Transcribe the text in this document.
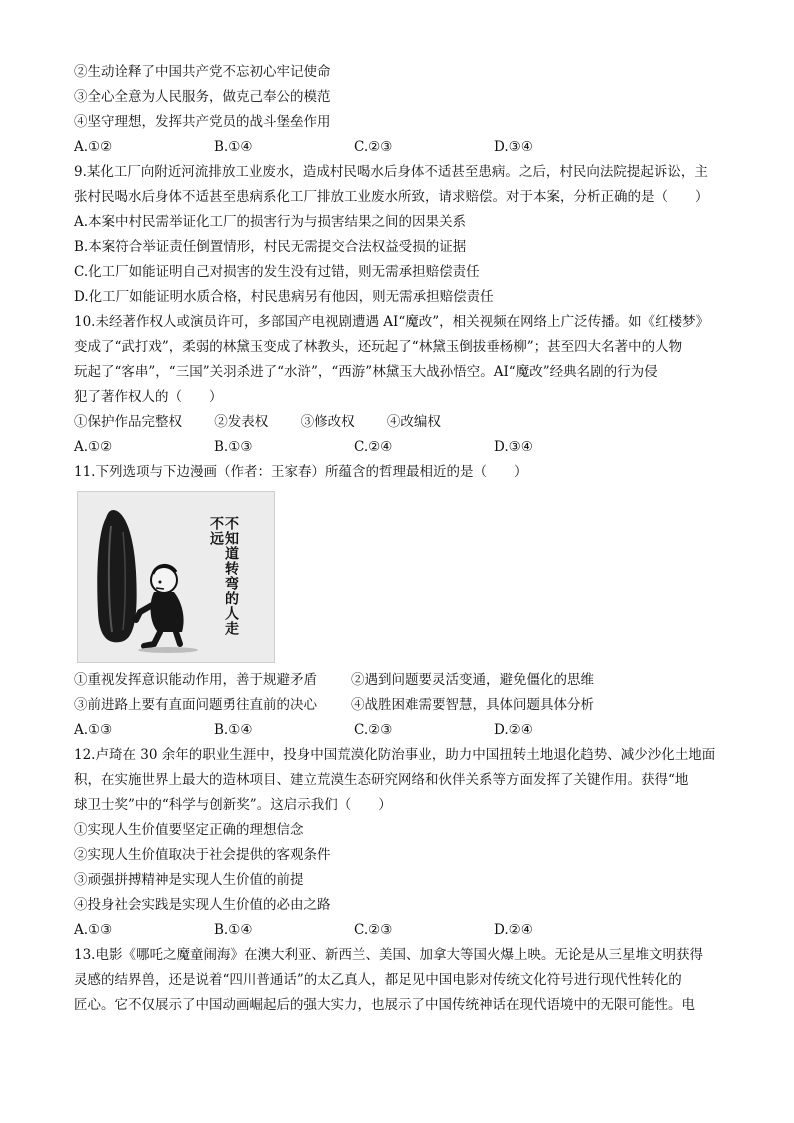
②生动诠释了中国共产党不忘初心牢记使命
③全心全意为人民服务，做克己奉公的模范
④坚守理想，发挥共产党员的战斗堡垒作用
A.①②	B.①④	C.②③	D.③④
9.某化工厂向附近河流排放工业废水，造成村民喝水后身体不适甚至患病。之后，村民向法院提起诉讼，主
张村民喝水后身体不适甚至患病系化工厂排放工业废水所致，请求赔偿。对于本案，分析正确的是（　　）
A.本案中村民需举证化工厂的损害行为与损害结果之间的因果关系
B.本案符合举证责任倒置情形，村民无需提交合法权益受损的证据
C.化工厂如能证明自己对损害的发生没有过错，则无需承担赔偿责任
D.化工厂如能证明水质合格，村民患病另有他因，则无需承担赔偿责任
10.未经著作权人或演员许可，多部国产电视剧遭遇 AI“魔改”，相关视频在网络上广泛传播。如《红楼梦》
变成了“武打戏”，柔弱的林黛玉变成了林教头，还玩起了“林黛玉倒拔垂杨柳”；甚至四大名著中的人物
玩起了“客串”，“三国”关羽杀进了“水浒”，“西游”林黛玉大战孙悟空。AI“魔改”经典名剧的行为侵
犯了著作权人的（　　）
①保护作品完整权 ②发表权 ③修改权 ④改编权
A.①②	B.①③	C.②④	D.③④
11.下列选项与下边漫画（作者：王家春）所蕴含的哲理最相近的是（　　）
不知道转弯的人走不远
①重视发挥意识能动作用，善于规避矛盾	②遇到问题要灵活变通，避免僵化的思维
③前进路上要有直面问题勇往直前的决心	④战胜困难需要智慧，具体问题具体分析
A.①③	B.①④	C.②③	D.②④
12.卢琦在 30 余年的职业生涯中，投身中国荒漠化防治事业，助力中国扭转土地退化趋势、减少沙化土地面
积，在实施世界上最大的造林项目、建立荒漠生态研究网络和伙伴关系等方面发挥了关键作用。获得“地
球卫士奖”中的“科学与创新奖”。这启示我们（　　）
①实现人生价值要坚定正确的理想信念
②实现人生价值取决于社会提供的客观条件
③顽强拼搏精神是实现人生价值的前提
④投身社会实践是实现人生价值的必由之路
A.①③	B.①④	C.②③	D.②④
13.电影《哪吒之魔童闹海》在澳大利亚、新西兰、美国、加拿大等国火爆上映。无论是从三星堆文明获得
灵感的结界兽，还是说着“四川普通话”的太乙真人，都足见中国电影对传统文化符号进行现代性转化的
匠心。它不仅展示了中国动画崛起后的强大实力，也展示了中国传统神话在现代语境中的无限可能性。电
